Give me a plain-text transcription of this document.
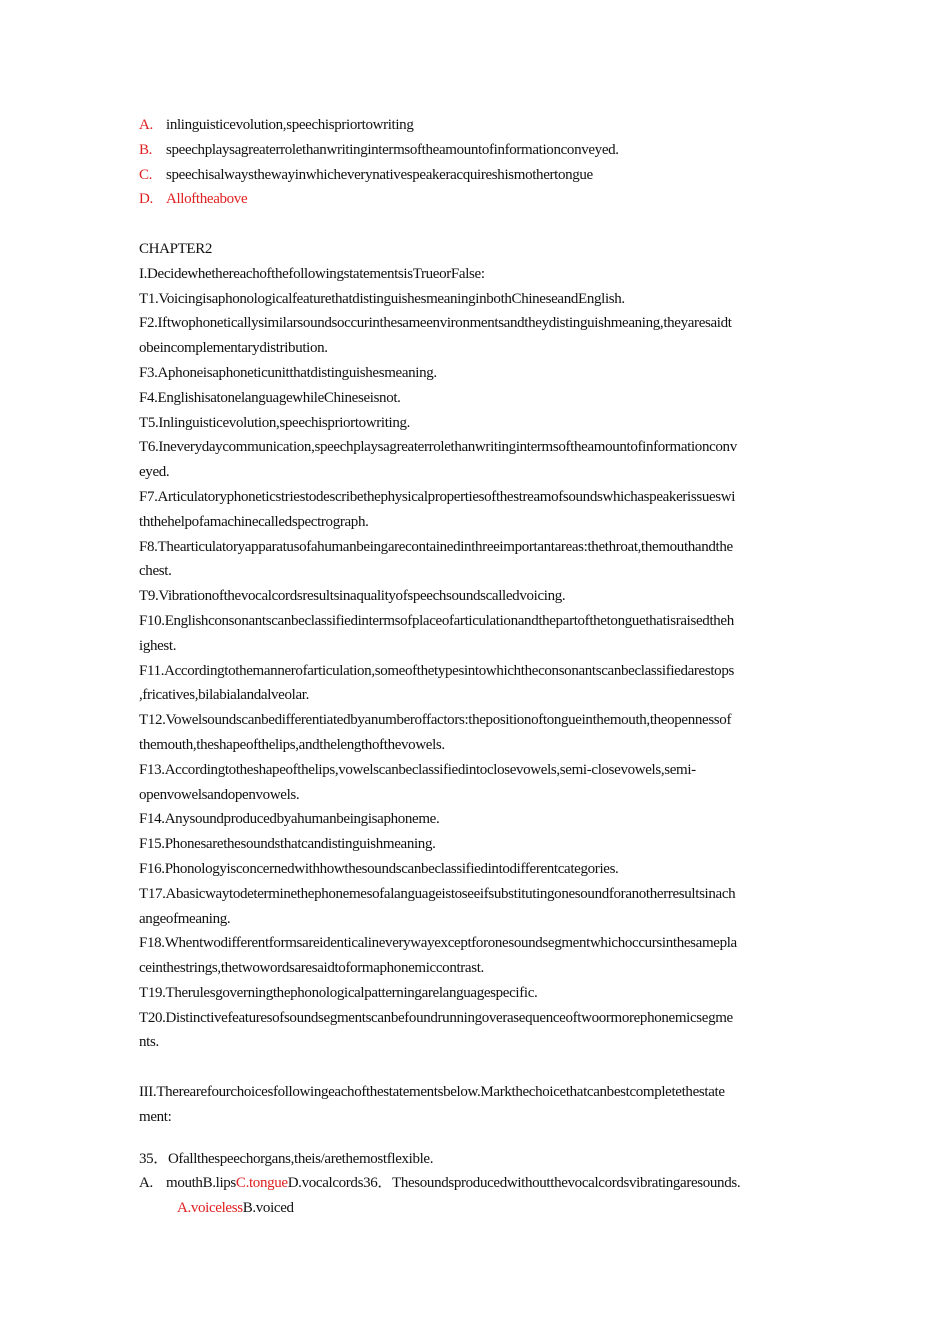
A. inlinguisticevolution,speechispriortowriting
B. speechplaysagreaterrolethanwritingintermsoftheamountofinformationconveyed.
C. speechisalwaysthewayinwhicheverynativespeakeracquireshismothertongue
D. Alloftheabove
CHAPTER2
I.DecidewhethereachofthefollowingstatementsisTrueorFalse:
T1.VoicingisaphonologicalfeaturethatdistinguishesmeaninginbothChineseandEnglish.
F2.Iftwophoneticallysimilarsoundsoccurinthesameenvironmentsandtheydistinguishmeaning,theyaresaidt
obeincomplementarydistribution.
F3.Aphoneisaphoneticunitthatdistinguishesmeaning.
F4.EnglishisatonelanguagewhileChineseisnot.
T5.Inlinguisticevolution,speechispriortowriting.
T6.Ineverydaycommunication,speechplaysagreaterrolethanwritingintermsoftheamountofinformationconv
eyed.
F7.Articulatoryphoneticstriestodescribethephysicalpropertiesofthestreamofsoundswhichaspeakerissueswi
ththehelpofamachinecalledspectrograph.
F8.Thearticulatoryapparatusofahumanbeingarecontainedinthreeimportantareas:thethroat,themouthandthe
chest.
T9.Vibrationofthevocalcordsresultsinaqualityofspeechsoundscalledvoicing.
F10.Englishconsonantscanbeclassifiedintermsofplaceofarticulationandthepartofthetonguethatisraisedtheh
ighest.
F11.Accordingtothemannerofarticulation,someofthetypesintowhichtheconsonantscanbeclassifiedarestops
,fricatives,bilabialandalveolar.
T12.Vowelsoundscanbedifferentiatedbyanumberoffactors:thepositionoftongueinthemouth,theopennessof
themouth,theshapeofthelips,andthelengthofthevowels.
F13.Accordingtotheshapeofthelips,vowelscanbeclassifiedintoclosevowels,semi-closevowels,semi-
openvowelsandopenvowels.
F14.Anysoundproducedbyahumanbeingisaphoneme.
F15.Phonesarethesoundsthatcandistinguishmeaning.
F16.Phonologyisconcernedwithhowthesoundscanbeclassifiedintodifferentcategories.
T17.Abasicwaytodeterminethephonemesofalanguageistoseeifsubstitutingonesoundforanotherresultsinach
angeofmeaning.
F18.Whentwodifferentformsareidenticalineverywayexceptforonesoundsegmentwhichoccursinthesamepla
ceinthestrings,thetwowordsaresaidtoformaphonemiccontrast.
T19.Therulesgoverningthephonologicalpatterningarelanguagespecific.
T20.Distinctivefeaturesofsoundsegmentscanbefoundrunningoverasequenceoftwoormorephonemicsegme
nts.
III.Therearefourchoicesfollowingeachofthestatementsbelow.Markthechoicethatcanbestcompletethestate
ment:
35．Ofallthespeechorgans,theis/arethemostflexible.
A. mouthB.lipsC.tongueD.vocalcords36．Thesoundsproducedwithoutthevocalcordsvibratingaresounds.
A.voicelessB.voiced
